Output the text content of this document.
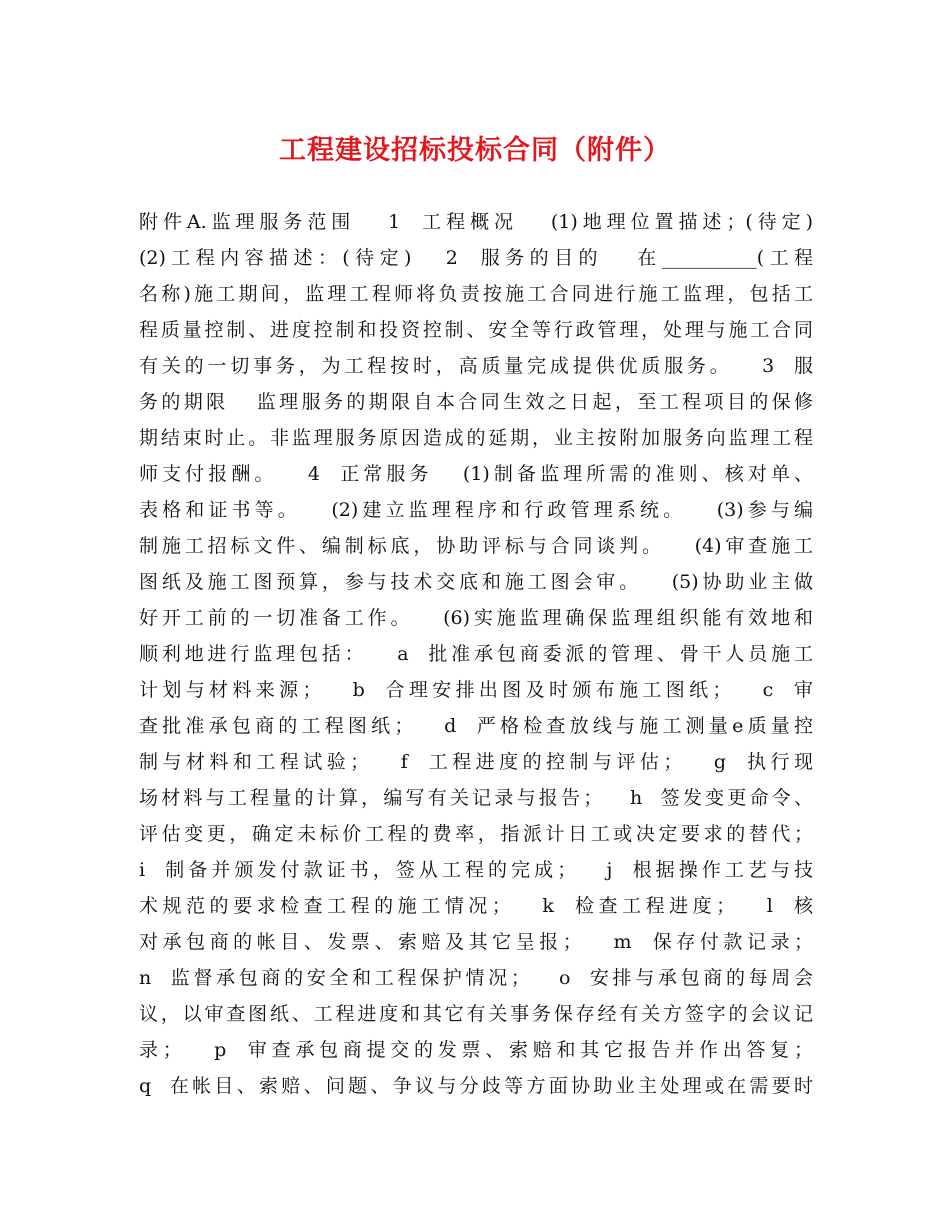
工程建设招标投标合同（附件）
附件A.监理服务范围   1  工程概况   (1)地理位置描述；(待定)
(2)工程内容描述：(待定)   2  服务的目的   在__________(工程
名称)施工期间，监理工程师将负责按施工合同进行施工监理，包括工
程质量控制、进度控制和投资控制、安全等行政管理，处理与施工合同
有关的一切事务，为工程按时，高质量完成提供优质服务。   3  服
务的期限   监理服务的期限自本合同生效之日起，至工程项目的保修
期结束时止。非监理服务原因造成的延期，业主按附加服务向监理工程
师支付报酬。   4  正常服务   (1)制备监理所需的准则、核对单、
表格和证书等。   (2)建立监理程序和行政管理系统。   (3)参与编
制施工招标文件、编制标底，协助评标与合同谈判。   (4)审查施工
图纸及施工图预算，参与技术交底和施工图会审。   (5)协助业主做
好开工前的一切准备工作。   (6)实施监理确保监理组织能有效地和
顺利地进行监理包括：   a  批准承包商委派的管理、骨干人员施工
计划与材料来源；   b  合理安排出图及时颁布施工图纸；   c  审
查批准承包商的工程图纸；   d  严格检查放线与施工测量e质量控
制与材料和工程试验；   f  工程进度的控制与评估；   g  执行现
场材料与工程量的计算，编写有关记录与报告；   h  签发变更命令、
评估变更，确定未标价工程的费率，指派计日工或决定要求的替代；
i  制备并颁发付款证书，签从工程的完成；   j  根据操作工艺与技
术规范的要求检查工程的施工情况；   k  检查工程进度；   l  核
对承包商的帐目、发票、索赔及其它呈报；   m  保存付款记录；
n  监督承包商的安全和工程保护情况；   o  安排与承包商的每周会
议，以审查图纸、工程进度和其它有关事务保存经有关方签字的会议记
录；   p  审查承包商提交的发票、索赔和其它报告并作出答复；
q  在帐目、索赔、问题、争议与分歧等方面协助业主处理或在需要时
